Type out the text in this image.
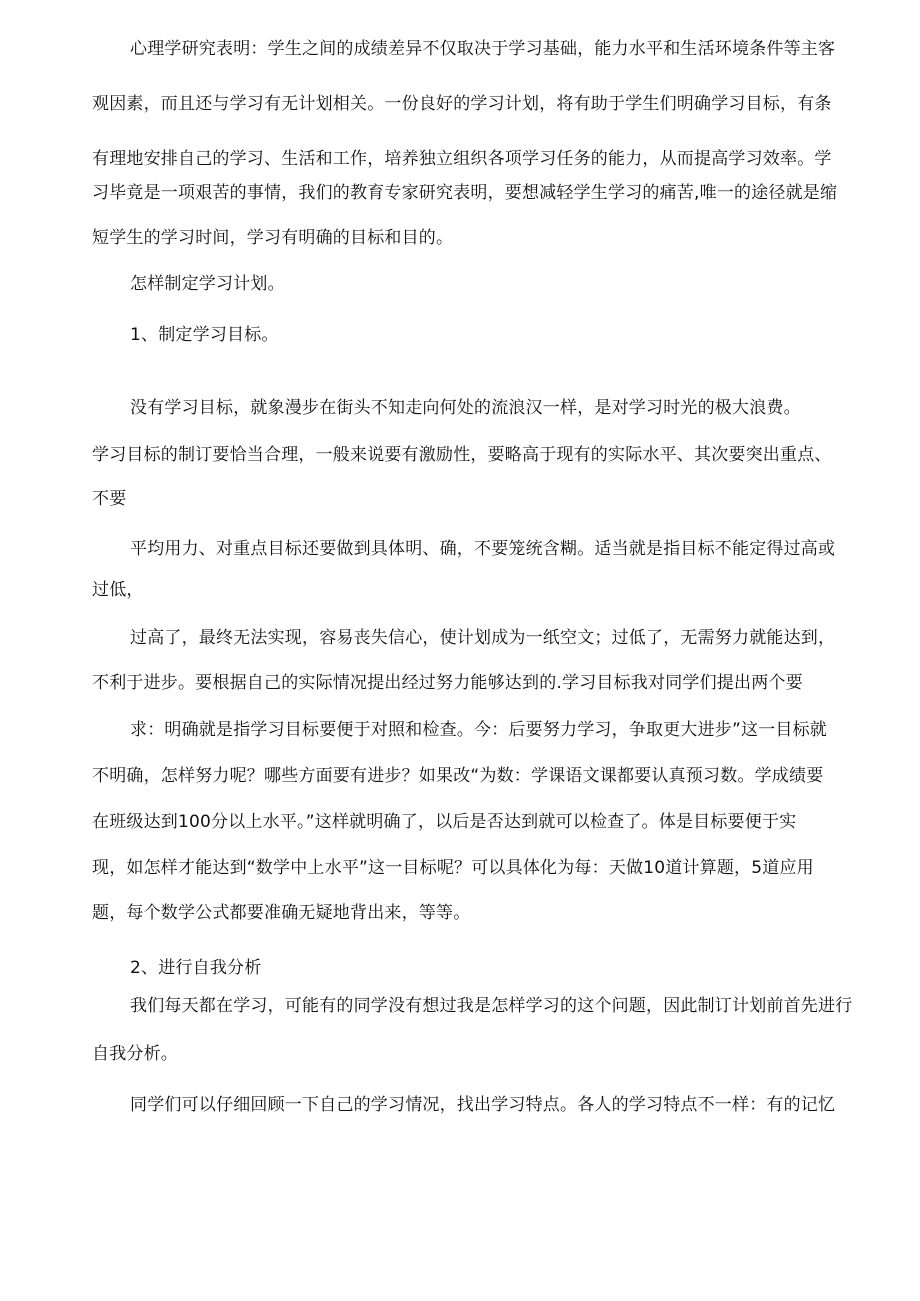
心理学研究表明：学生之间的成绩差异不仅取决于学习基础，能力水平和生活环境条件等主客
观因素，而且还与学习有无计划相关。一份良好的学习计划，将有助于学生们明确学习目标，有条
有理地安排自己的学习、生活和工作，培养独立组织各项学习任务的能力，从而提高学习效率。学
习毕竟是一项艰苦的事情，我们的教育专家研究表明，要想减轻学生学习的痛苦,唯一的途径就是缩
短学生的学习时间，学习有明确的目标和目的。
怎样制定学习计划。
1、制定学习目标。
没有学习目标，就象漫步在街头不知走向何处的流浪汉一样，是对学习时光的极大浪费。
学习目标的制订要恰当合理，一般来说要有激励性，要略高于现有的实际水平、其次要突出重点、
不要
平均用力、对重点目标还要做到具体明、确，不要笼统含糊。适当就是指目标不能定得过高或
过低，
过高了，最终无法实现，容易丧失信心，使计划成为一纸空文；过低了，无需努力就能达到，
不利于进步。要根据自己的实际情况提出经过努力能够达到的.学习目标我对同学们提出两个要
求：明确就是指学习目标要便于对照和检查。今：后要努力学习，争取更大进步”这一目标就
不明确，怎样努力呢？哪些方面要有进步？如果改“为数：学课语文课都要认真预习数。学成绩要
在班级达到100分以上水平。”这样就明确了，以后是否达到就可以检查了。体是目标要便于实
现，如怎样才能达到“数学中上水平”这一目标呢？可以具体化为每：天做10道计算题，5道应用
题，每个数学公式都要准确无疑地背出来，等等。
2、进行自我分析
我们每天都在学习，可能有的同学没有想过我是怎样学习的这个问题，因此制订计划前首先进行
自我分析。
同学们可以仔细回顾一下自己的学习情况，找出学习特点。各人的学习特点不一样：有的记忆
